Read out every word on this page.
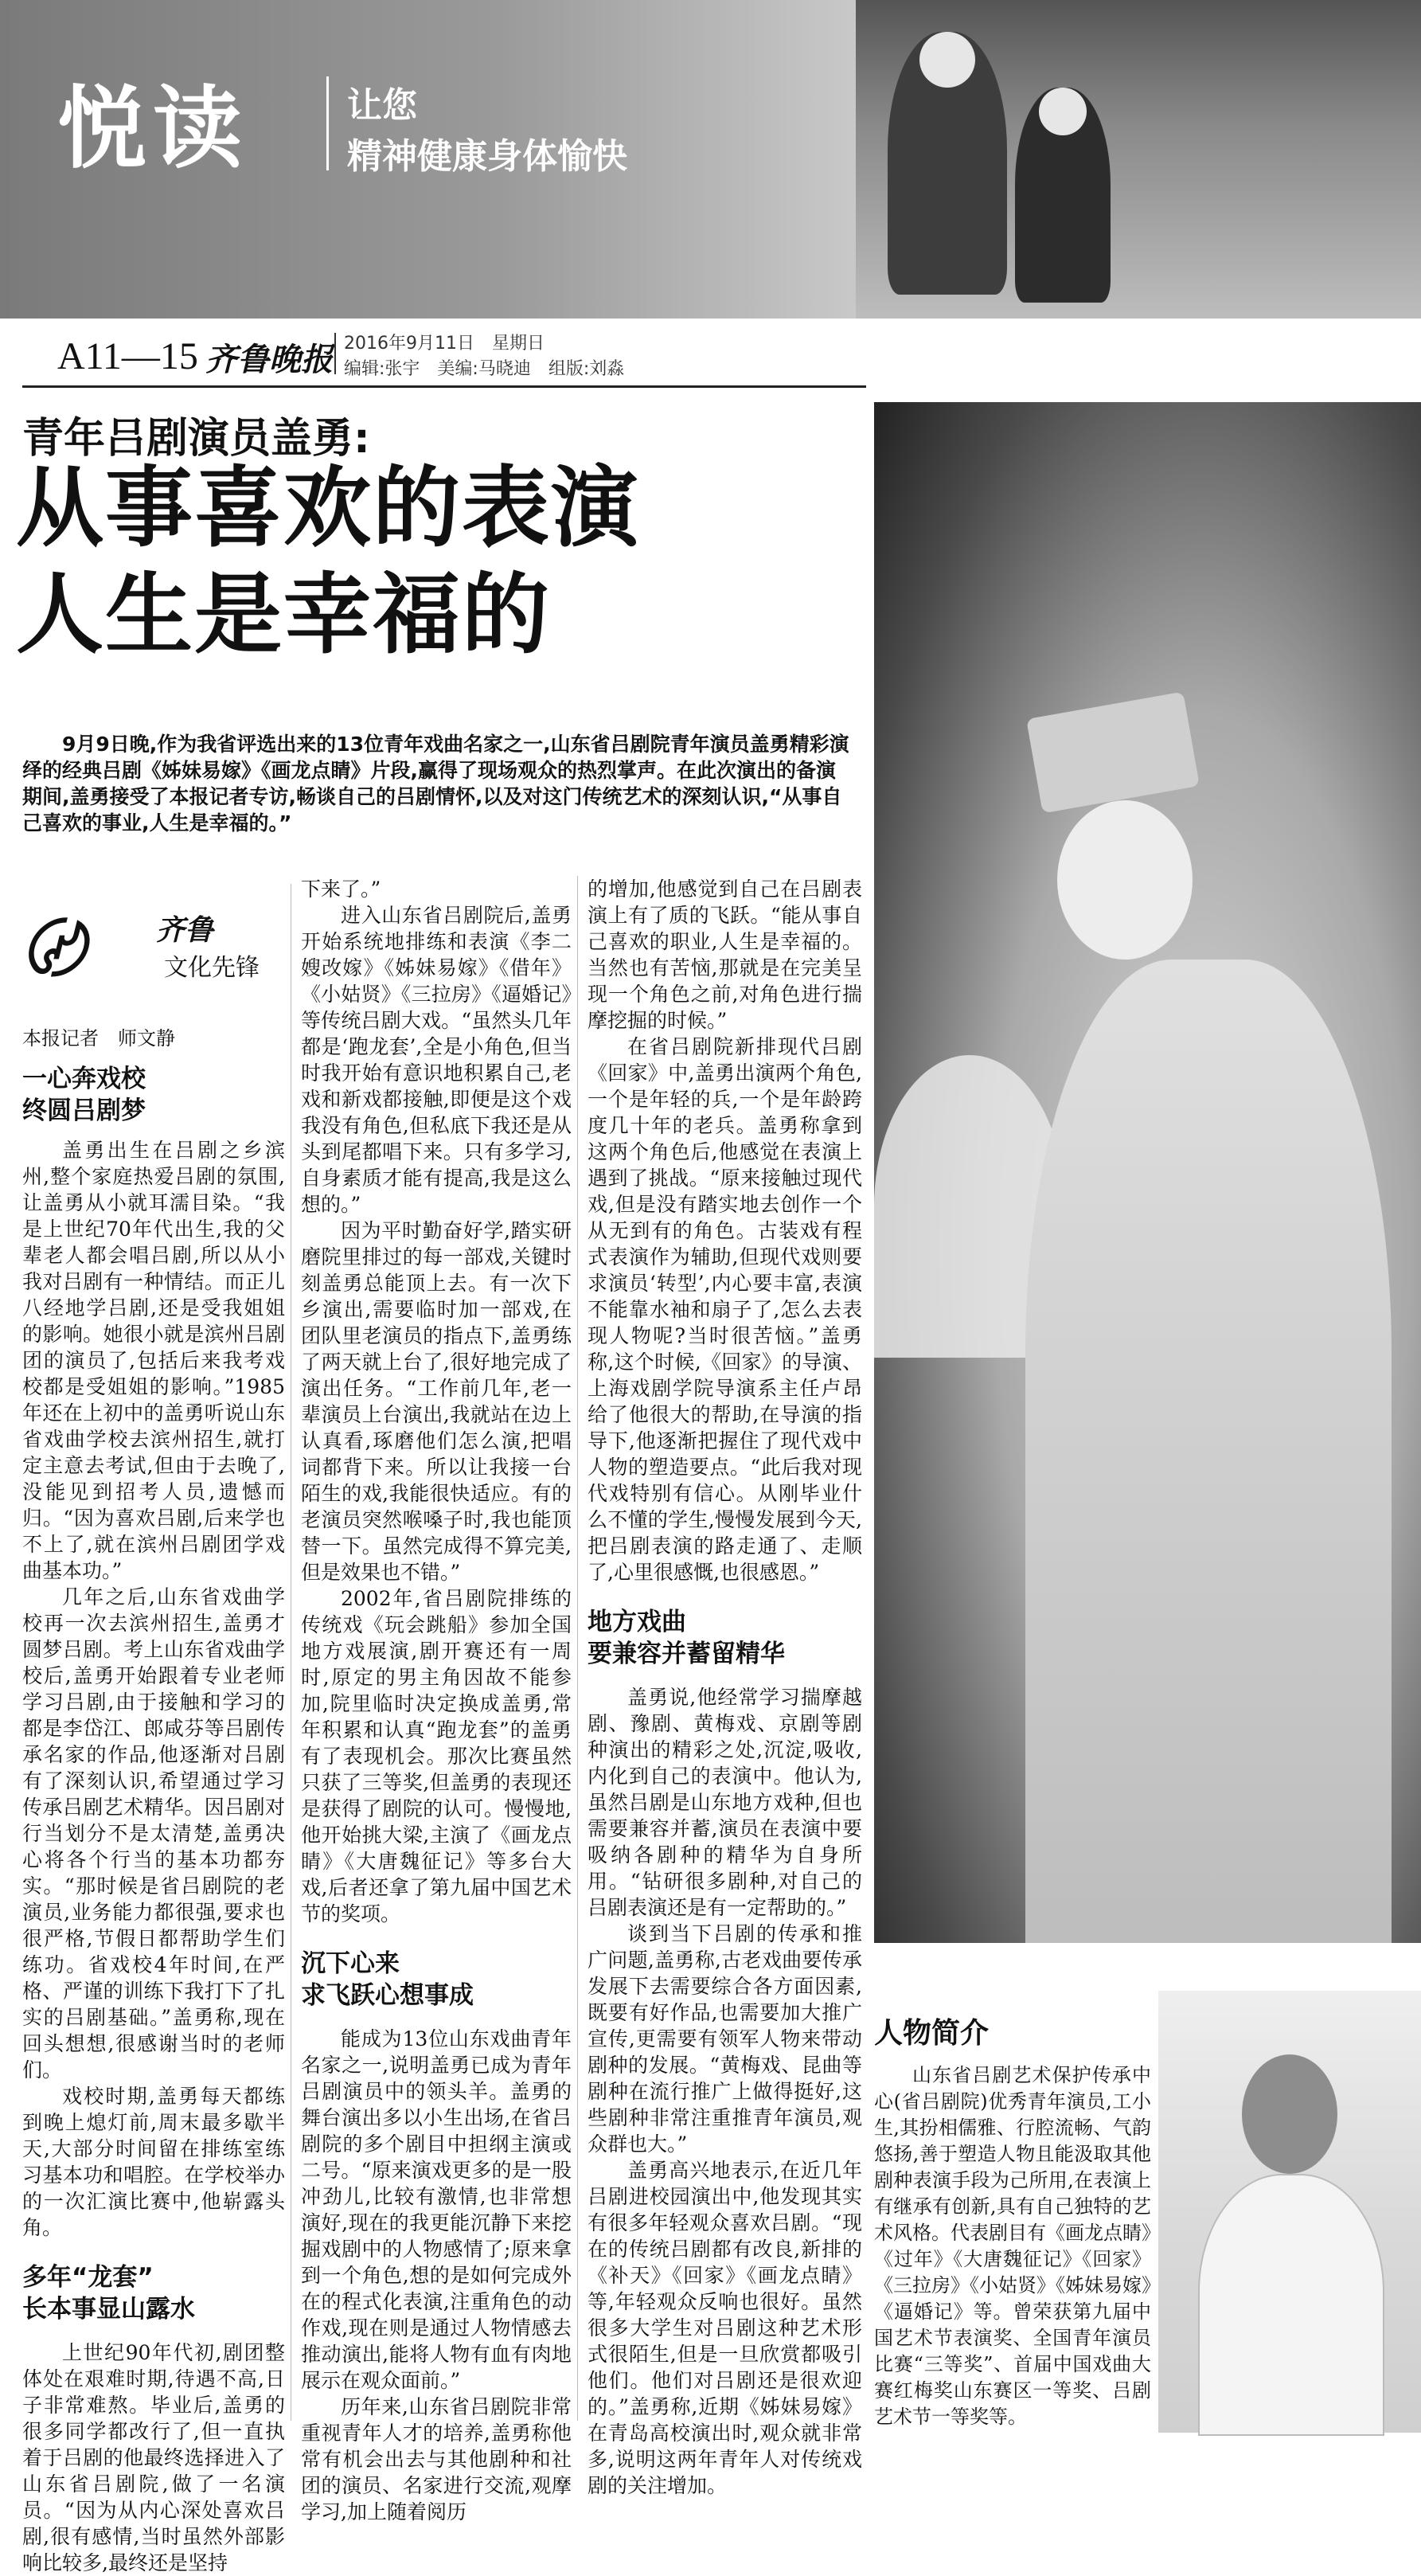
悦读	让您
精神健康身体愉快
A11—15 齐鲁晚报 2016年9月11日　星期日
编辑:张宇　美编:马晓迪　组版:刘淼
青年吕剧演员盖勇:
从事喜欢的表演
人生是幸福的
9月9日晚,作为我省评选出来的13位青年戏曲名家之一,山东省吕剧院青年演员盖勇精彩演绎的经典吕剧《姊妹易嫁》《画龙点睛》片段,赢得了现场观众的热烈掌声。在此次演出的备演期间,盖勇接受了本报记者专访,畅谈自己的吕剧情怀,以及对这门传统艺术的深刻认识,“从事自己喜欢的事业,人生是幸福的。”
〄 齐鲁
文化先锋
本报记者　师文静
一心奔戏校
终圆吕剧梦

盖勇出生在吕剧之乡滨州,整个家庭热爱吕剧的氛围,让盖勇从小就耳濡目染。“我是上世纪70年代出生,我的父辈老人都会唱吕剧,所以从小我对吕剧有一种情结。而正儿八经地学吕剧,还是受我姐姐的影响。她很小就是滨州吕剧团的演员了,包括后来我考戏校都是受姐姐的影响。”1985年还在上初中的盖勇听说山东省戏曲学校去滨州招生,就打定主意去考试,但由于去晚了,没能见到招考人员,遗憾而归。“因为喜欢吕剧,后来学也不上了,就在滨州吕剧团学戏曲基本功。”

几年之后,山东省戏曲学校再一次去滨州招生,盖勇才圆梦吕剧。考上山东省戏曲学校后,盖勇开始跟着专业老师学习吕剧,由于接触和学习的都是李岱江、郎咸芬等吕剧传承名家的作品,他逐渐对吕剧有了深刻认识,希望通过学习传承吕剧艺术精华。因吕剧对行当划分不是太清楚,盖勇决心将各个行当的基本功都夯实。“那时候是省吕剧院的老演员,业务能力都很强,要求也很严格,节假日都帮助学生们练功。省戏校4年时间,在严格、严谨的训练下我打下了扎实的吕剧基础。”盖勇称,现在回头想想,很感谢当时的老师们。

戏校时期,盖勇每天都练到晚上熄灯前,周末最多歇半天,大部分时间留在排练室练习基本功和唱腔。在学校举办的一次汇演比赛中,他崭露头角。

多年“龙套”
长本事显山露水

上世纪90年代初,剧团整体处在艰难时期,待遇不高,日子非常难熬。毕业后,盖勇的很多同学都改行了,但一直执着于吕剧的他最终选择进入了山东省吕剧院,做了一名演员。“因为从内心深处喜欢吕剧,很有感情,当时虽然外部影响比较多,最终还是坚持

下来了。”

进入山东省吕剧院后,盖勇开始系统地排练和表演《李二嫂改嫁》《姊妹易嫁》《借年》《小姑贤》《三拉房》《逼婚记》等传统吕剧大戏。“虽然头几年都是‘跑龙套’,全是小角色,但当时我开始有意识地积累自己,老戏和新戏都接触,即便是这个戏我没有角色,但私底下我还是从头到尾都唱下来。只有多学习,自身素质才能有提高,我是这么想的。”

因为平时勤奋好学,踏实研磨院里排过的每一部戏,关键时刻盖勇总能顶上去。有一次下乡演出,需要临时加一部戏,在团队里老演员的指点下,盖勇练了两天就上台了,很好地完成了演出任务。“工作前几年,老一辈演员上台演出,我就站在边上认真看,琢磨他们怎么演,把唱词都背下来。所以让我接一台陌生的戏,我能很快适应。有的老演员突然喉嗓子时,我也能顶替一下。虽然完成得不算完美,但是效果也不错。”

2002年,省吕剧院排练的传统戏《玩会跳船》参加全国地方戏展演,剧开赛还有一周时,原定的男主角因故不能参加,院里临时决定换成盖勇,常年积累和认真“跑龙套”的盖勇有了表现机会。那次比赛虽然只获了三等奖,但盖勇的表现还是获得了剧院的认可。慢慢地,他开始挑大梁,主演了《画龙点睛》《大唐魏征记》等多台大戏,后者还拿了第九届中国艺术节的奖项。

沉下心来
求飞跃心想事成

能成为13位山东戏曲青年名家之一,说明盖勇已成为青年吕剧演员中的领头羊。盖勇的舞台演出多以小生出场,在省吕剧院的多个剧目中担纲主演或二号。“原来演戏更多的是一股冲劲儿,比较有激情,也非常想演好,现在的我更能沉静下来挖掘戏剧中的人物感情了;原来拿到一个角色,想的是如何完成外在的程式化表演,注重角色的动作戏,现在则是通过人物情感去推动演出,能将人物有血有肉地展示在观众面前。”

历年来,山东省吕剧院非常重视青年人才的培养,盖勇称他常有机会出去与其他剧种和社团的演员、名家进行交流,观摩学习,加上随着阅历

的增加,他感觉到自己在吕剧表演上有了质的飞跃。“能从事自己喜欢的职业,人生是幸福的。当然也有苦恼,那就是在完美呈现一个角色之前,对角色进行揣摩挖掘的时候。”

在省吕剧院新排现代吕剧《回家》中,盖勇出演两个角色,一个是年轻的兵,一个是年龄跨度几十年的老兵。盖勇称拿到这两个角色后,他感觉在表演上遇到了挑战。“原来接触过现代戏,但是没有踏实地去创作一个从无到有的角色。古装戏有程式表演作为辅助,但现代戏则要求演员‘转型’,内心要丰富,表演不能靠水袖和扇子了,怎么去表现人物呢?当时很苦恼。”盖勇称,这个时候,《回家》的导演、上海戏剧学院导演系主任卢昂给了他很大的帮助,在导演的指导下,他逐渐把握住了现代戏中人物的塑造要点。“此后我对现代戏特别有信心。从刚毕业什么不懂的学生,慢慢发展到今天,把吕剧表演的路走通了、走顺了,心里很感慨,也很感恩。”

地方戏曲
要兼容并蓄留精华

盖勇说,他经常学习揣摩越剧、豫剧、黄梅戏、京剧等剧种演出的精彩之处,沉淀,吸收,内化到自己的表演中。他认为,虽然吕剧是山东地方戏种,但也需要兼容并蓄,演员在表演中要吸纳各剧种的精华为自身所用。“钻研很多剧种,对自己的吕剧表演还是有一定帮助的。”

谈到当下吕剧的传承和推广问题,盖勇称,古老戏曲要传承发展下去需要综合各方面因素,既要有好作品,也需要加大推广宣传,更需要有领军人物来带动剧种的发展。“黄梅戏、昆曲等剧种在流行推广上做得挺好,这些剧种非常注重推青年演员,观众群也大。”

盖勇高兴地表示,在近几年吕剧进校园演出中,他发现其实有很多年轻观众喜欢吕剧。“现在的传统吕剧都有改良,新排的《补天》《回家》《画龙点睛》等,年轻观众反响也很好。虽然很多大学生对吕剧这种艺术形式很陌生,但是一旦欣赏都吸引他们。他们对吕剧还是很欢迎的。”盖勇称,近期《姊妹易嫁》在青岛高校演出时,观众就非常多,说明这两年青年人对传统戏剧的关注增加。

人物简介

山东省吕剧艺术保护传承中心(省吕剧院)优秀青年演员,工小生,其扮相儒雅、行腔流畅、气韵悠扬,善于塑造人物且能汲取其他剧种表演手段为己所用,在表演上有继承有创新,具有自己独特的艺术风格。代表剧目有《画龙点睛》《过年》《大唐魏征记》《回家》《三拉房》《小姑贤》《姊妹易嫁》《逼婚记》等。曾荣获第九届中国艺术节表演奖、全国青年演员比赛“三等奖”、首届中国戏曲大赛红梅奖山东赛区一等奖、吕剧艺术节一等奖等。
